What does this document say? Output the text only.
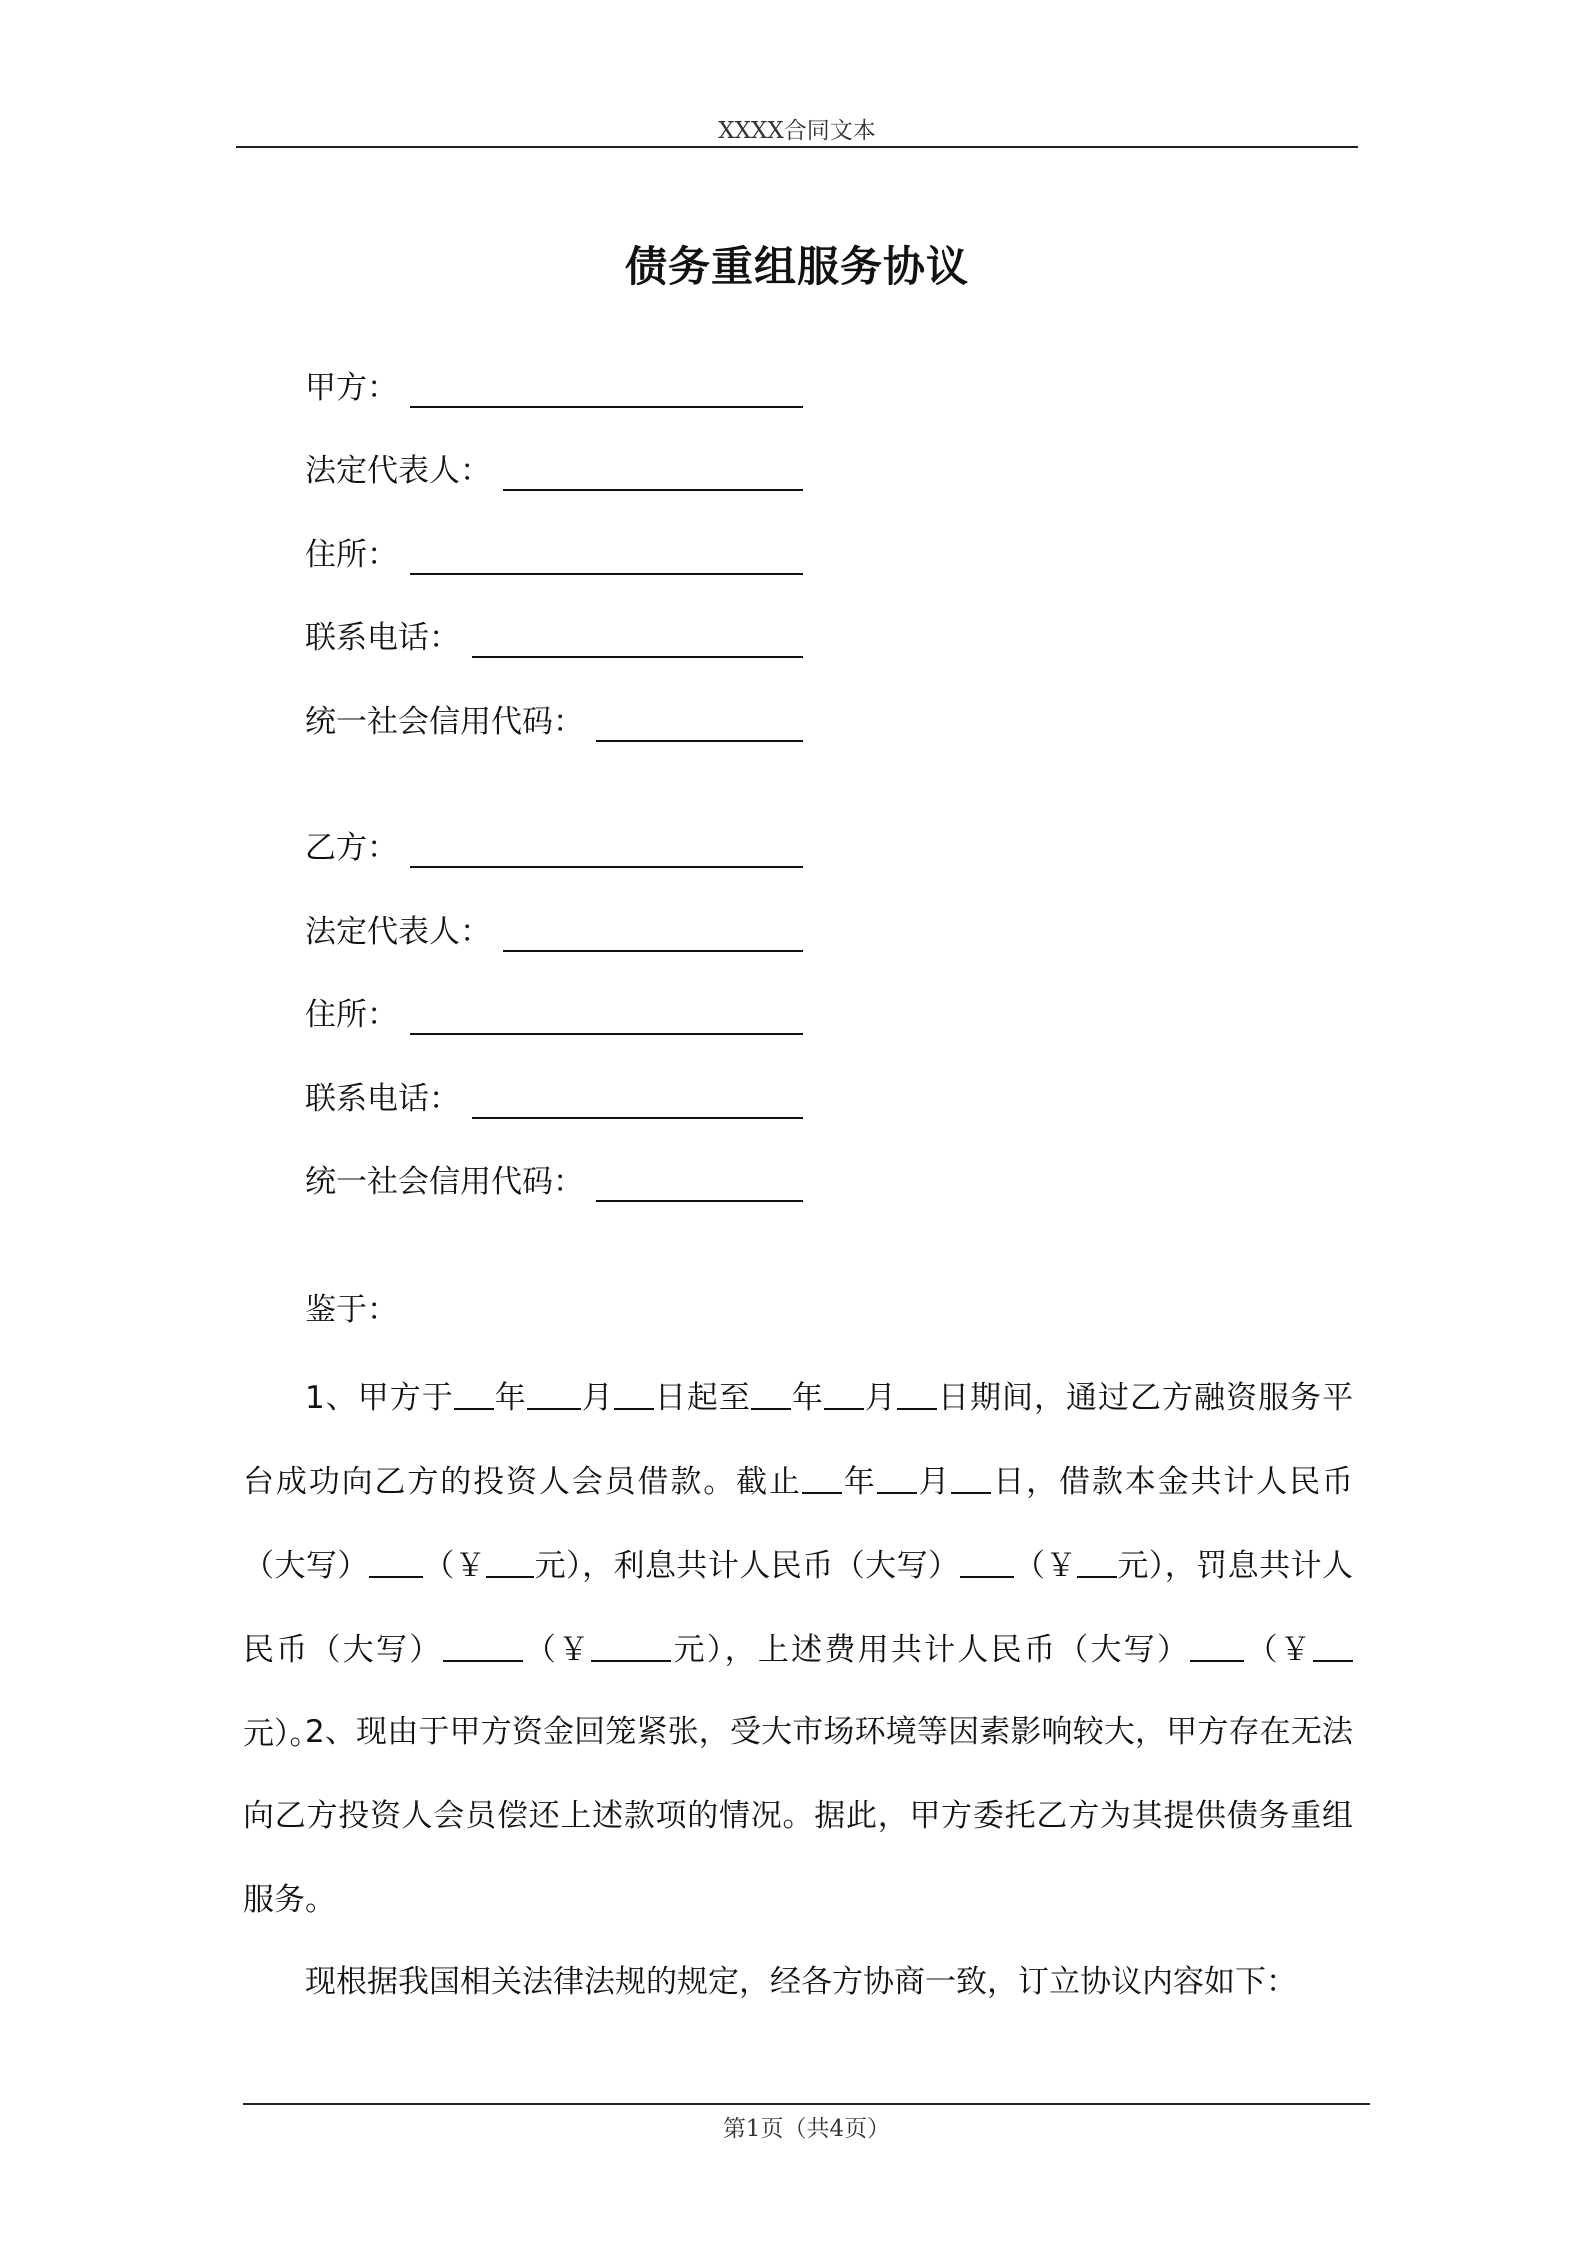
XXXX合同文本
债务重组服务协议
甲方：
法定代表人：
住所：
联系电话：
统一社会信用代码：
乙方：
法定代表人：
住所：
联系电话：
统一社会信用代码：
鉴于：
1、甲方于 年 月 日起至 年 月 日期间，通过乙方融资服务平台成功向乙方的投资人会员借款。截止 年 月 日，借款本金共计人民币（大写） （￥ 元），利息共计人民币（大写） （￥ 元），罚息共计人民币（大写）	（￥	元），上述费用共计人民币（大写） （￥元）。
2、现由于甲方资金回笼紧张，受大市场环境等因素影响较大，甲方存在无法向乙方投资人会员偿还上述款项的情况。据此，甲方委托乙方为其提供债务重组服务。
现根据我国相关法律法规的规定，经各方协商一致，订立协议内容如下：
第1页（共4页）
